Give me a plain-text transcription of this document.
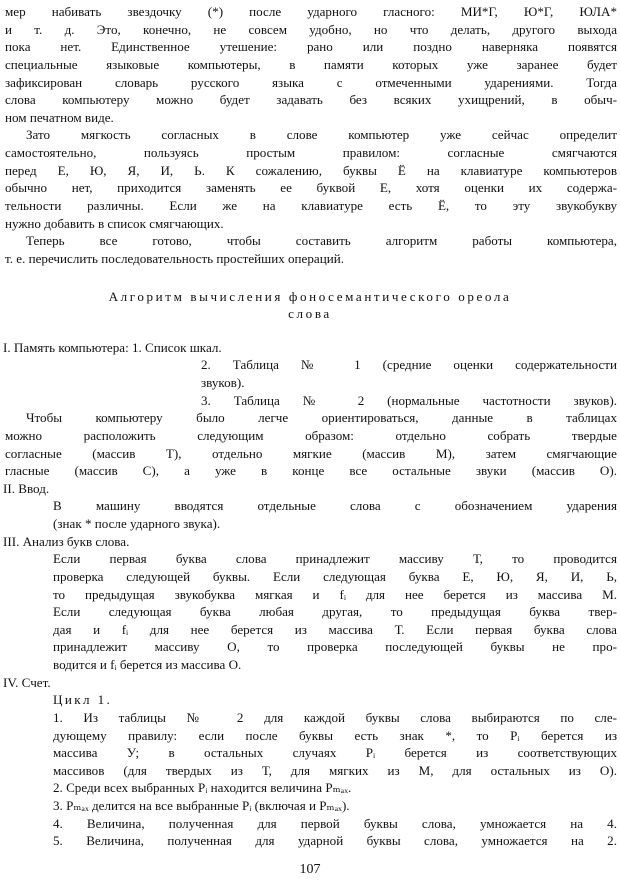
мер набивать звездочку (*) после ударного гласного: МИ*Г, Ю*Г, ЮЛА*
и т. д. Это, конечно, не совсем удобно, но что делать, другого выхода
пока нет. Единственное утешение: рано или поздно наверняка появятся
специальные языковые компьютеры, в памяти которых уже заранее будет
зафиксирован словарь русского языка с отмеченными ударениями. Тогда
слова компьютеру можно будет задавать без всяких ухищрений, в обыч-
ном печатном виде.
Зато мягкость согласных в слове компьютер уже сейчас определит
самостоятельно, пользуясь простым правилом: согласные смягчаются
перед Е, Ю, Я, И, Ь. К сожалению, буквы Ё на клавиатуре компьютеров
обычно нет, приходится заменять ее буквой Е, хотя оценки их содержа-
тельности различны. Если же на клавиатуре есть Ё, то эту звукобукву
нужно добавить в список смягчающих.
Теперь все готово, чтобы составить алгоритм работы компьютера,
т. е. перечислить последовательность простейших операций.
Алгоритм вычисления фоносемантического ореола
слова
I. Память компьютера: 1. Список шкал.
2. Таблица № 1 (средние оценки содержательности
звуков).
3. Таблица № 2 (нормальные частотности звуков).
Чтобы компьютеру было легче ориентироваться, данные в таблицах
можно расположить следующим образом: отдельно собрать твердые
согласные (массив Т), отдельно мягкие (массив М), затем смягчающие
гласные (массив С), а уже в конце все остальные звуки (массив О).
II. Ввод.
В машину вводятся отдельные слова с обозначением ударения
(знак * после ударного звука).
III. Анализ букв слова.
Если первая буква слова принадлежит массиву Т, то проводится
проверка следующей буквы. Если следующая буква Е, Ю, Я, И, Ь,
то предыдущая звукобуква мягкая и fᵢ для нее берется из массива М.
Если следующая буква любая другая, то предыдущая буква твер-
дая и fᵢ для нее берется из массива Т. Если первая буква слова
принадлежит массиву О, то проверка последующей буквы не про-
водится и fᵢ берется из массива О.
IV. Счет.
Цикл 1.
1. Из таблицы № 2 для каждой буквы слова выбираются по сле-
дующему правилу: если после буквы есть знак *, то Pᵢ берется из
массива У; в остальных случаях Pᵢ берется из соответствующих
массивов (для твердых из Т, для мягких из М, для остальных из О).
2. Среди всех выбранных Pᵢ находится величина Pₘₐₓ.
3. Pₘₐₓ делится на все выбранные Pᵢ (включая и Pₘₐₓ).
4. Величина, полученная для первой буквы слова, умножается на 4.
5. Величина, полученная для ударной буквы слова, умножается на 2.
107
